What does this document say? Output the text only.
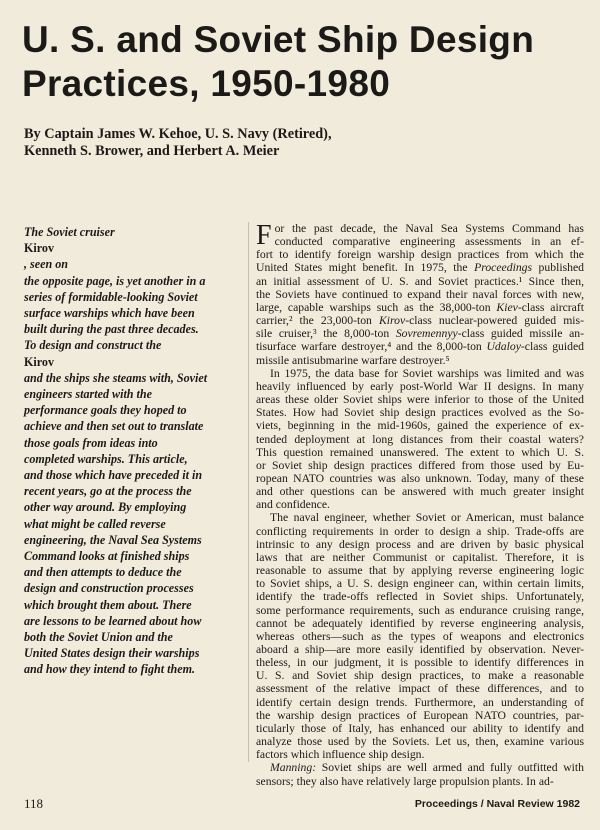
U. S. and Soviet Ship Design
Practices, 1950-1980
By Captain James W. Kehoe, U. S. Navy (Retired),
Kenneth S. Brower, and Herbert A. Meier
The Soviet cruiser
Kirov
, seen on
the opposite page, is yet another in a
series of formidable-looking Soviet
surface warships which have been
built during the past three decades.
To design and construct the
Kirov
and the ships she steams with, Soviet
engineers started with the
performance goals they hoped to
achieve and then set out to translate
those goals from ideas into
completed warships. This article,
and those which have preceded it in
recent years, go at the process the
other way around. By employing
what might be called reverse
engineering, the Naval Sea Systems
Command looks at finished ships
and then attempts to deduce the
design and construction processes
which brought them about. There
are lessons to be learned about how
both the Soviet Union and the
United States design their warships
and how they intend to fight them.
F or the past decade, the Naval Sea Systems Command has
conducted comparative engineering assessments in an ef-
fort to identify foreign warship design practices from which the
United States might benefit. In 1975, the Proceedings published
an initial assessment of U. S. and Soviet practices.¹ Since then,
the Soviets have continued to expand their naval forces with new,
large, capable warships such as the 38,000-ton Kiev-class aircraft
carrier,² the 23,000-ton Kirov-class nuclear-powered guided mis-
sile cruiser,³ the 8,000-ton Sovremennyy-class guided missile an-
tisurface warfare destroyer,⁴ and the 8,000-ton Udaloy-class guided
missile antisubmarine warfare destroyer.⁵
In 1975, the data base for Soviet warships was limited and was
heavily influenced by early post-World War II designs. In many
areas these older Soviet ships were inferior to those of the United
States. How had Soviet ship design practices evolved as the So-
viets, beginning in the mid-1960s, gained the experience of ex-
tended deployment at long distances from their coastal waters?
This question remained unanswered. The extent to which U. S.
or Soviet ship design practices differed from those used by Eu-
ropean NATO countries was also unknown. Today, many of these
and other questions can be answered with much greater insight
and confidence.
The naval engineer, whether Soviet or American, must balance
conflicting requirements in order to design a ship. Trade-offs are
intrinsic to any design process and are driven by basic physical
laws that are neither Communist or capitalist. Therefore, it is
reasonable to assume that by applying reverse engineering logic
to Soviet ships, a U. S. design engineer can, within certain limits,
identify the trade-offs reflected in Soviet ships. Unfortunately,
some performance requirements, such as endurance cruising range,
cannot be adequately identified by reverse engineering analysis,
whereas others—such as the types of weapons and electronics
aboard a ship—are more easily identified by observation. Never-
theless, in our judgment, it is possible to identify differences in
U. S. and Soviet ship design practices, to make a reasonable
assessment of the relative impact of these differences, and to
identify certain design trends. Furthermore, an understanding of
the warship design practices of European NATO countries, par-
ticularly those of Italy, has enhanced our ability to identify and
analyze those used by the Soviets. Let us, then, examine various
factors which influence ship design.
Manning: Soviet ships are well armed and fully outfitted with
sensors; they also have relatively large propulsion plants. In ad-
118	Proceedings / Naval Review 1982
